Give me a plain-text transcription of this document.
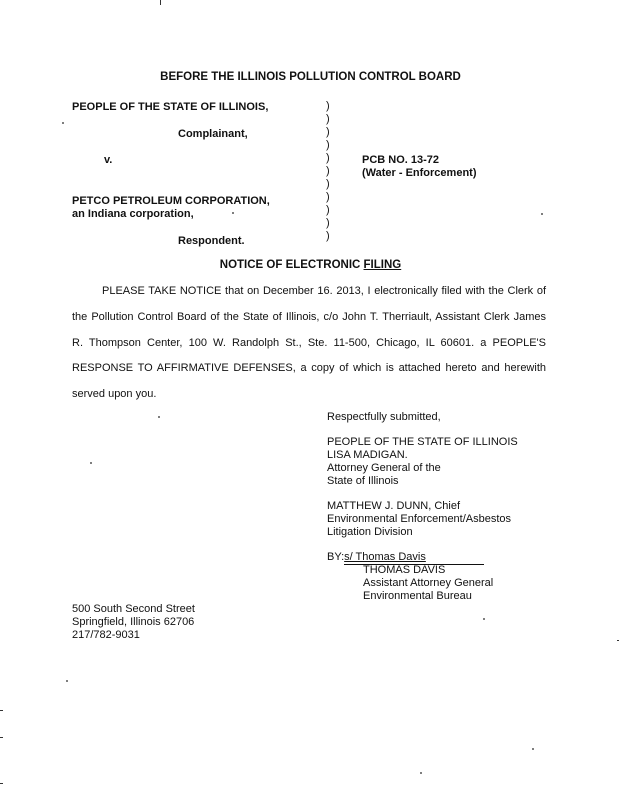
BEFORE THE ILLINOIS POLLUTION CONTROL BOARD
PEOPLE OF THE STATE OF ILLINOIS,
Complainant,
v.
PETCO PETROLEUM CORPORATION,
an Indiana corporation,
Respondent.
)
)
)
)
)
)
)
)
)
)
)
PCB NO. 13-72
(Water - Enforcement)
NOTICE OF ELECTRONIC FILING
PLEASE TAKE NOTICE that on December 16. 2013, I electronically filed with the Clerk of
the Pollution Control Board of the State of Illinois, c/o John T. Therriault, Assistant Clerk James
R. Thompson Center, 100 W. Randolph St., Ste. 11-500, Chicago, IL 60601. a PEOPLE'S
RESPONSE TO AFFIRMATIVE DEFENSES, a copy of which is attached hereto and herewith
served upon you.
Respectfully submitted,
PEOPLE OF THE STATE OF ILLINOIS
LISA MADIGAN.
Attorney General of the
State of Illinois
MATTHEW J. DUNN, Chief
Environmental Enforcement/Asbestos
Litigation Division
BY:s/ Thomas Davis
THOMAS DAVIS
Assistant Attorney General
Environmental Bureau
500 South Second Street
Springfield, Illinois 62706
217/782-9031
